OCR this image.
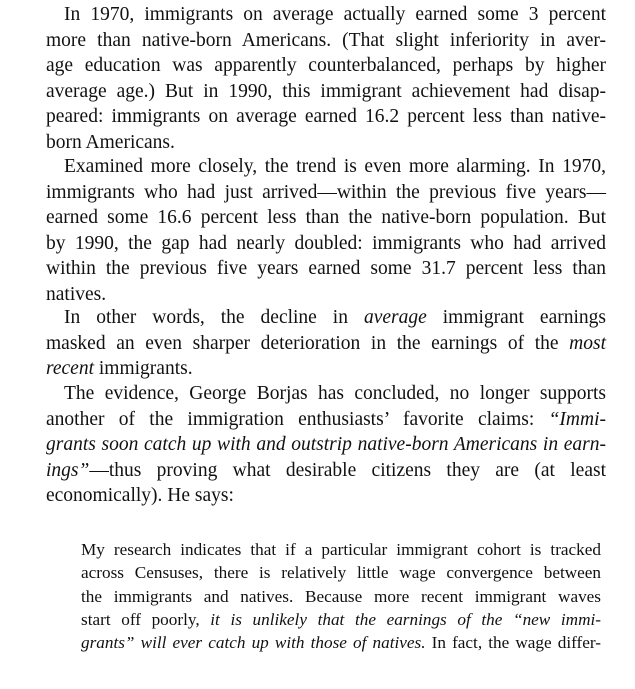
In 1970, immigrants on average actually earned some 3 percent
more than native-born Americans. (That slight inferiority in aver-
age education was apparently counterbalanced, perhaps by higher
average age.) But in 1990, this immigrant achievement had disap-
peared: immigrants on average earned 16.2 percent less than native-
born Americans.

Examined more closely, the trend is even more alarming. In 1970,
immigrants who had just arrived—within the previous five years—
earned some 16.6 percent less than the native-born population. But
by 1990, the gap had nearly doubled: immigrants who had arrived
within the previous five years earned some 31.7 percent less than
natives.

In other words, the decline in average immigrant earnings
masked an even sharper deterioration in the earnings of the most
recent immigrants.

The evidence, George Borjas has concluded, no longer supports
another of the immigration enthusiasts’ favorite claims: “Immi-
grants soon catch up with and outstrip native-born Americans in earn-
ings”—thus proving what desirable citizens they are (at least
economically). He says:

My research indicates that if a particular immigrant cohort is tracked
across Censuses, there is relatively little wage convergence between
the immigrants and natives. Because more recent immigrant waves
start off poorly, it is unlikely that the earnings of the “new immi-
grants” will ever catch up with those of natives. In fact, the wage differ-
